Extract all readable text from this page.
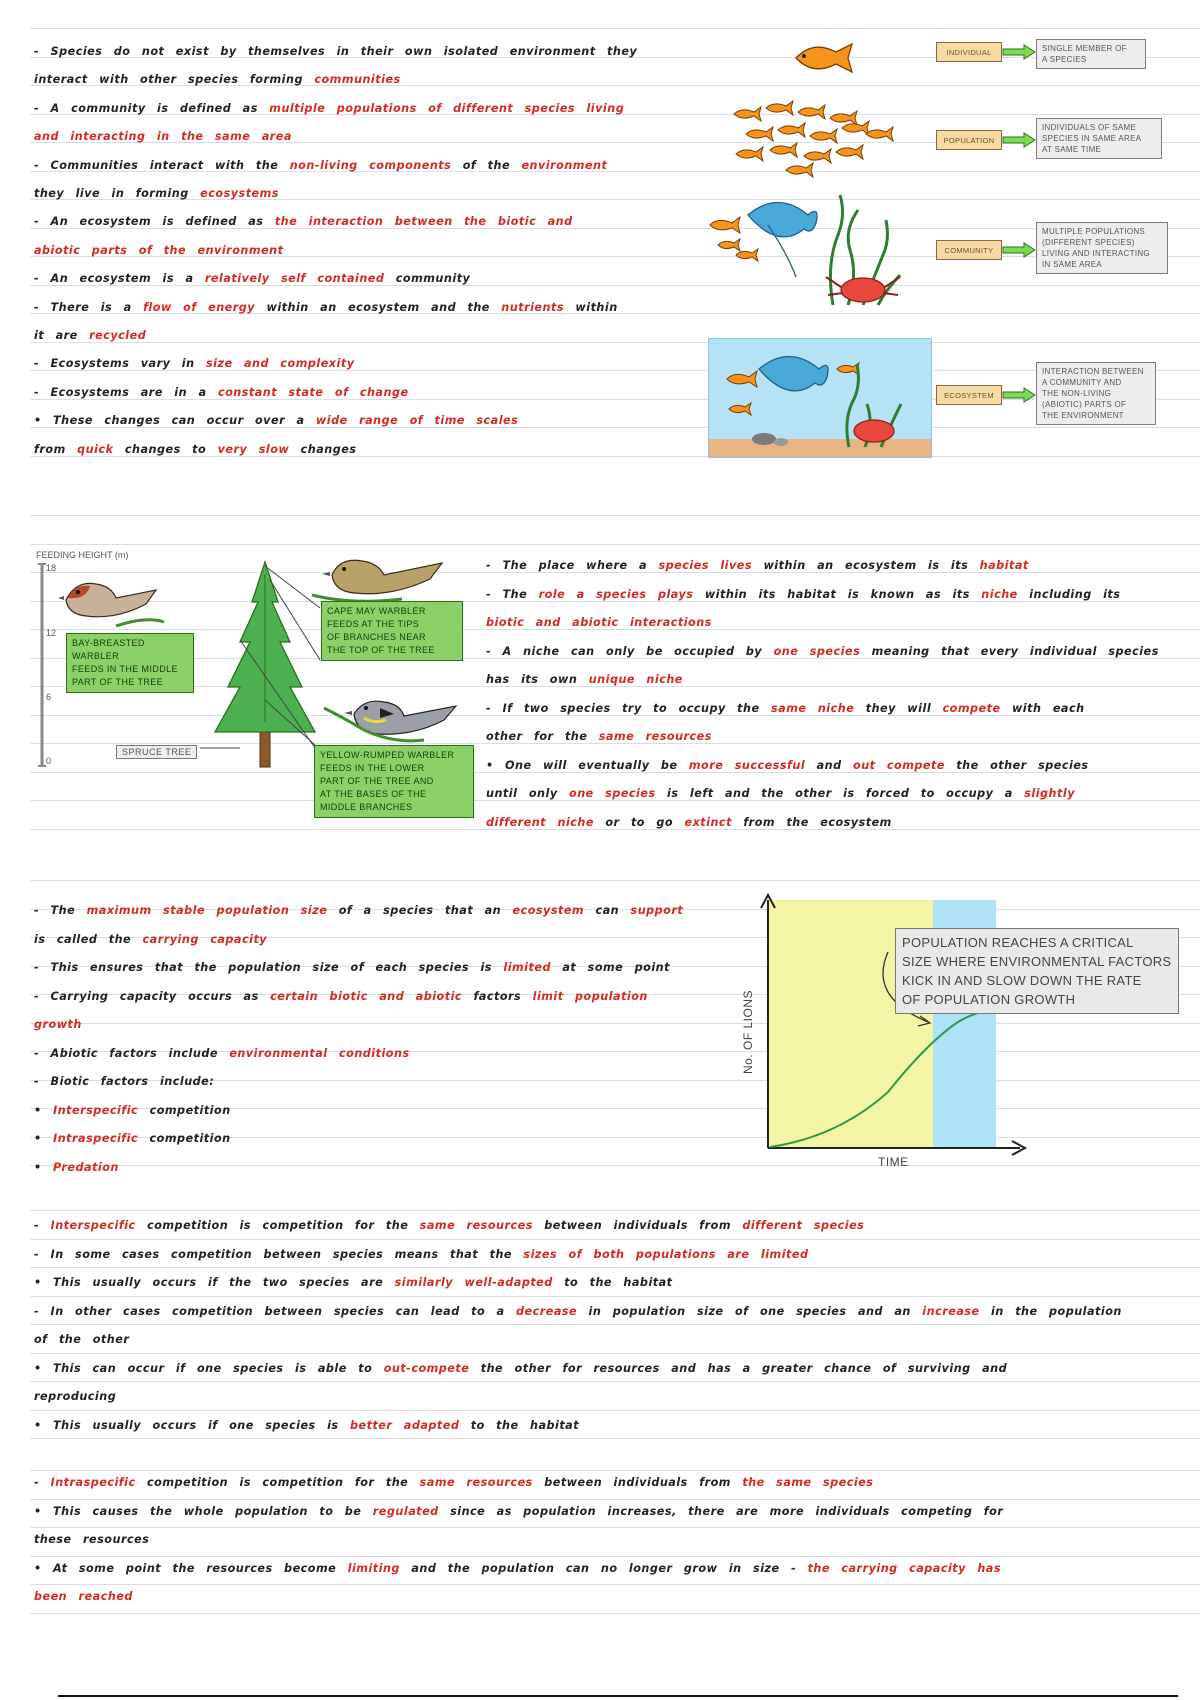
- Species do not exist by themselves in their own isolated environment they
interact with other species forming communities
- A community is defined as multiple populations of different species living
and interacting in the same area
- Communities interact with the non-living components of the environment
they live in forming ecosystems
- An ecosystem is defined as the interaction between the biotic and
abiotic parts of the environment
- An ecosystem is a relatively self contained community
- There is a flow of energy within an ecosystem and the nutrients within
it are recycled
- Ecosystems vary in size and complexity
- Ecosystems are in a constant state of change
• These changes can occur over a wide range of time scales
from quick changes to very slow changes
INDIVIDUAL	SINGLE MEMBER OF
A SPECIES
POPULATION
INDIVIDUALS OF SAME
SPECIES IN SAME AREA
AT SAME TIME
COMMUNITY
MULTIPLE POPULATIONS
(DIFFERENT SPECIES)
LIVING AND INTERACTING
IN SAME AREA
ECOSYSTEM
INTERACTION BETWEEN
A COMMUNITY AND
THE NON-LIVING
(ABIOTIC) PARTS OF
THE ENVIRONMENT
FEEDING HEIGHT (m)
18
12
6
0
BAY-BREASTED
WARBLER
FEEDS IN THE MIDDLE
PART OF THE TREE
CAPE MAY WARBLER
FEEDS AT THE TIPS
OF BRANCHES NEAR
THE TOP OF THE TREE
YELLOW-RUMPED WARBLER
FEEDS IN THE LOWER
PART OF THE TREE AND
AT THE BASES OF THE
MIDDLE BRANCHES
SPRUCE TREE
- The place where a species lives within an ecosystem is its habitat
- The role a species plays within its habitat is known as its niche including its
biotic and abiotic interactions
- A niche can only be occupied by one species meaning that every individual species
has its own unique niche
- If two species try to occupy the same niche they will compete with each
other for the same resources
• One will eventually be more successful and out compete the other species
until only one species is left and the other is forced to occupy a slightly
different niche or to go extinct from the ecosystem
- The maximum stable population size of a species that an ecosystem can support
is called the carrying capacity
- This ensures that the population size of each species is limited at some point
- Carrying capacity occurs as certain biotic and abiotic factors limit population
growth
- Abiotic factors include environmental conditions
- Biotic factors include:
• Interspecific competition
• Intraspecific competition
• Predation
POPULATION REACHES A CRITICAL
SIZE WHERE ENVIRONMENTAL FACTORS
KICK IN AND SLOW DOWN THE RATE
OF POPULATION GROWTH
No. OF LIONS
TIME
- Interspecific competition is competition for the same resources between individuals from different species
- In some cases competition between species means that the sizes of both populations are limited
• This usually occurs if the two species are similarly well-adapted to the habitat
- In other cases competition between species can lead to a decrease in population size of one species and an increase in the population
of the other
• This can occur if one species is able to out-compete the other for resources and has a greater chance of surviving and
reproducing
• This usually occurs if one species is better adapted to the habitat
- Intraspecific competition is competition for the same resources between individuals from the same species
• This causes the whole population to be regulated since as population increases, there are more individuals competing for
these resources
• At some point the resources become limiting and the population can no longer grow in size - the carrying capacity has
been reached
